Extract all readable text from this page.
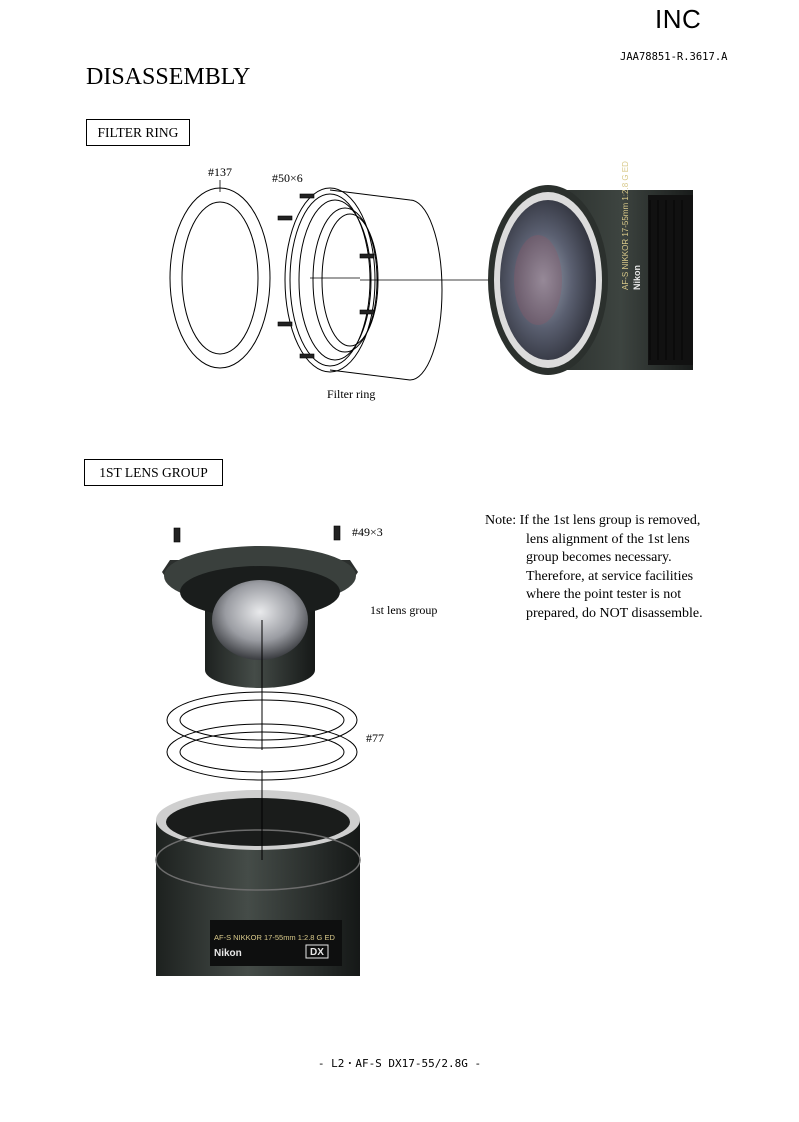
INC
JAA78851-R.3617.A
DISASSEMBLY
FILTER RING
#137	#50×6
Filter ring
AF-S NIKKOR 17-55mm 1:2.8 G ED Nikon
1ST LENS GROUP
#49×3
1st lens group
#77
Note: If the 1st lens group is removed,
lens alignment of the 1st lens
group becomes necessary.
Therefore, at service facilities
where the point tester is not
prepared, do NOT disassemble.
AF-S NIKKOR 17-55mm 1:2.8 G ED
Nikon	DX
- L2・AF-S DX17-55/2.8G -
